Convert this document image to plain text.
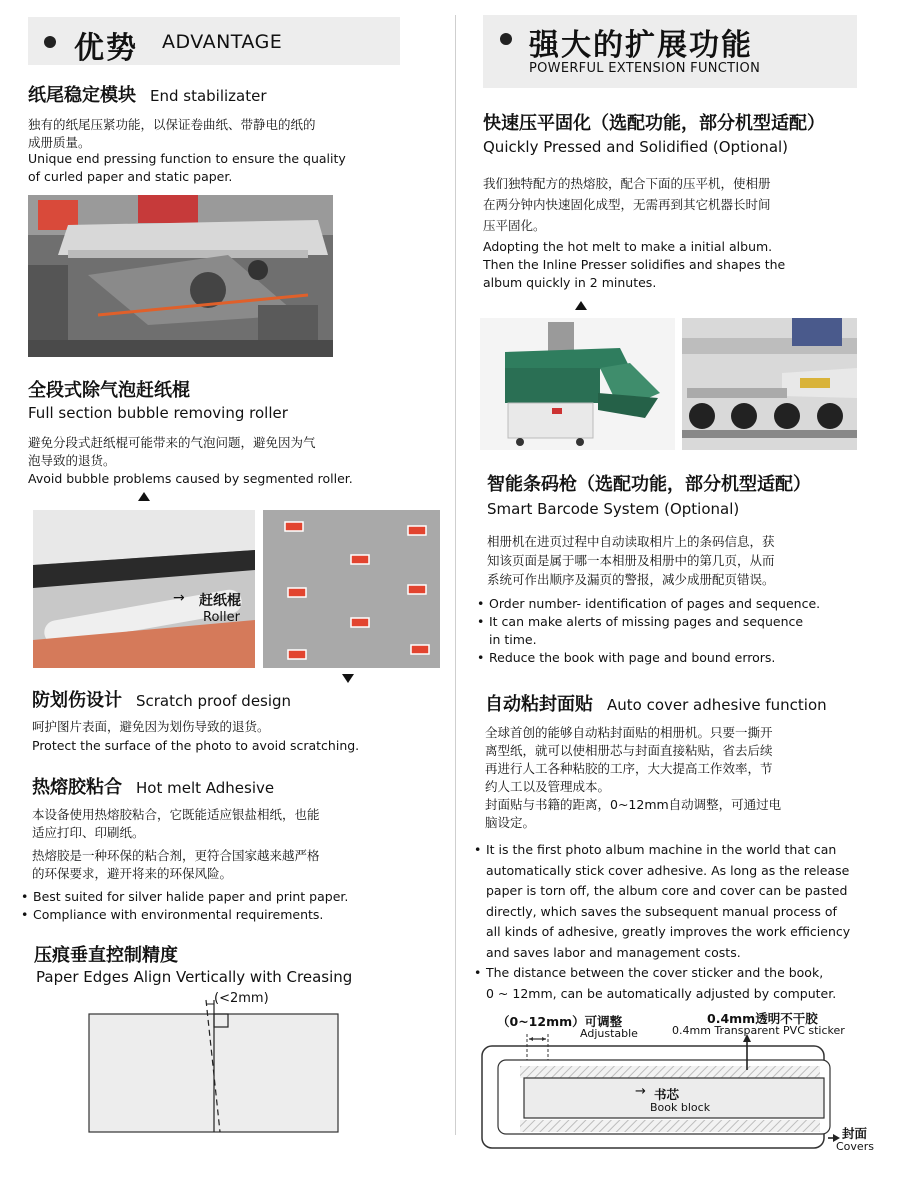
优势 ADVANTAGE
纸尾稳定模块 End stabilizater
独有的纸尾压紧功能，以保证卷曲纸、带静电的纸的
成册质量。
Unique end pressing function to ensure the quality
of curled paper and static paper.
全段式除气泡赶纸棍
Full section bubble removing roller
避免分段式赶纸棍可能带来的气泡问题，避免因为气
泡导致的退货。
Avoid bubble problems caused by segmented roller.
→ 赶纸棍
Roller
防划伤设计 Scratch proof design
呵护图片表面，避免因为划伤导致的退货。
Protect the surface of the photo to avoid scratching.
热熔胶粘合 Hot melt Adhesive
本设备使用热熔胶粘合，它既能适应银盐相纸，也能
适应打印、印刷纸。
热熔胶是一种环保的粘合剂，更符合国家越来越严格
的环保要求，避开将来的环保风险。
• Best suited for silver halide paper and print paper.
• Compliance with environmental requirements.
压痕垂直控制精度
Paper Edges Align Vertically with Creasing
(<2mm)
强大的扩展功能
POWERFUL EXTENSION FUNCTION
快速压平固化（选配功能，部分机型适配）
Quickly Pressed and Solidified (Optional)
我们独特配方的热熔胶，配合下面的压平机，使相册
在两分钟内快速固化成型，无需再到其它机器长时间
压平固化。
Adopting the hot melt to make a initial album.
Then the Inline Presser solidifies and shapes the
album quickly in 2 minutes.
智能条码枪（选配功能，部分机型适配）
Smart Barcode System (Optional)
相册机在进页过程中自动读取相片上的条码信息，获
知该页面是属于哪一本相册及相册中的第几页，从而
系统可作出顺序及漏页的警报，减少成册配页错误。
• Order number- identification of pages and sequence.
• It can make alerts of missing pages and sequence
in time.
• Reduce the book with page and bound errors.
自动粘封面贴 Auto cover adhesive function
全球首创的能够自动粘封面贴的相册机。只要一撕开
离型纸，就可以使相册芯与封面直接粘贴，省去后续
再进行人工各种粘胶的工序，大大提高工作效率，节
约人工以及管理成本。
封面贴与书籍的距离，0~12mm自动调整，可通过电
脑设定。
• It is the first photo album machine in the world that can
automatically stick cover adhesive. As long as the release
paper is torn off, the album core and cover can be pasted
directly, which saves the subsequent manual process of
all kinds of adhesive, greatly improves the work efficiency
and saves labor and management costs.
• The distance between the cover sticker and the book,
0 ~ 12mm, can be automatically adjusted by computer.
（0~12mm）可调整
Adjustable
0.4mm透明不干胶
0.4mm Transparent PVC sticker
→ 书芯
Book block
封面
Covers
